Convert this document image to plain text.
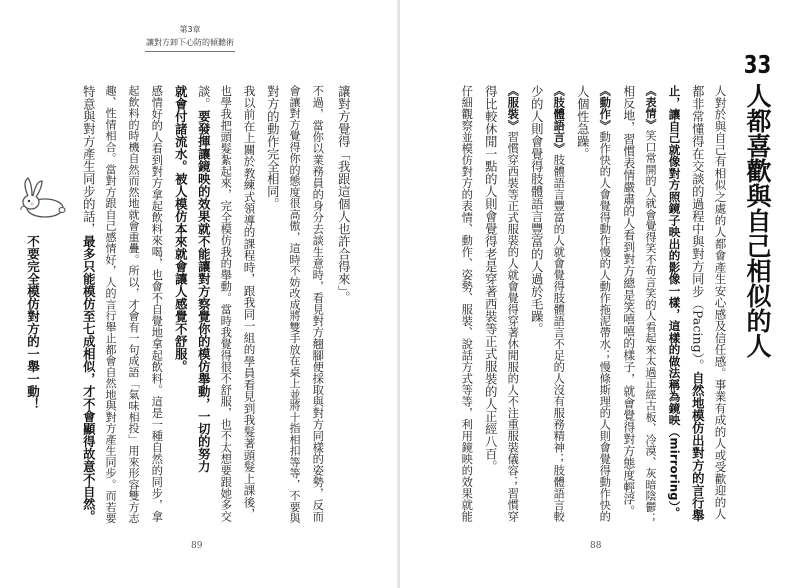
第3章
讓對方卸下心防的傾聽術
不要完全模仿對方的一舉一動！
讓對方覺得「我跟這個人也許合得來」。
不過，當你以業務員的身分去談生意時，看見對方翹腳便採取與對方同樣的姿勢，反而
會讓對方覺得你的態度很高傲，這時不妨改成將雙手放在桌上並將十指相扣等等，不要與
對方的動作完全相同。
我以前在上關於教練式領導的課程時，跟我同一組的學員看見到我髮著頭髮上課後，
也學我把頭髮紮起來，完全模仿我的舉動。當時我覺得很不舒服，也不太想要跟她多交
談。要發揮讓鏡映的效果就不能讓對方察覺你的模仿舉動，一切的努力
就會付諸流水。被人模仿本來就會讓人感覺不舒服。
感情好的人看到對方拿起飲料來喝，也會不自覺地拿起飲料。這是一種自然的同步，拿
起飲料的時機自然而然地就會重疊。所以，才會有一句成語「氣味相投」用來形容雙方志
趣、性情相合。當對方跟自己感情好，人的言行舉止都會自然地與對方產生同步。而若要
特意與對方產生同步的話，最多只能模仿至七成相似，才不會顯得故意不自然。
89	88
33人都喜歡與自己相似的人
人對於與自己有相似之處的人都會產生安心感及信任感。事業有成的人或受歡迎的人
都非常懂得在交談的過程中與對方同步（Pacing）。自然地模仿出對方的言行舉
止，讓自己就像對方照鏡子映出的影像一樣，這樣的做法稱為鏡映（mirroring）。
《表情》笑口常開的人就會覺得笑不苟言笑的人看起來太過正經古板、冷漠、灰暗陰鬱；
相反地，習慣表情嚴肅的人看到對方總是笑嘻嘻的樣子，就會覺得對方態度輕浮。
《動作》動作快的人會覺得動作慢的人動作拖泥帶水；慢條斯理的人則會覺得動作快的
人個性急躁。
《肢體語言》肢體語言豐富的人就會覺得肢體語言不足的人沒有服務精神；肢體語言較
少的人則會覺得肢體語言豐富的人過於毛躁。
《服裝》習慣穿西裝等正式服裝的人就會覺得穿著休閒服的人不注重服裝儀容；習慣穿
得比較休閒一點的人則會覺得老是穿著西裝等正式服裝的人正經八百。
仔細觀察並模仿對方的表情、動作、姿勢、服裝、說話方式等等，利用鏡映的效果就能
